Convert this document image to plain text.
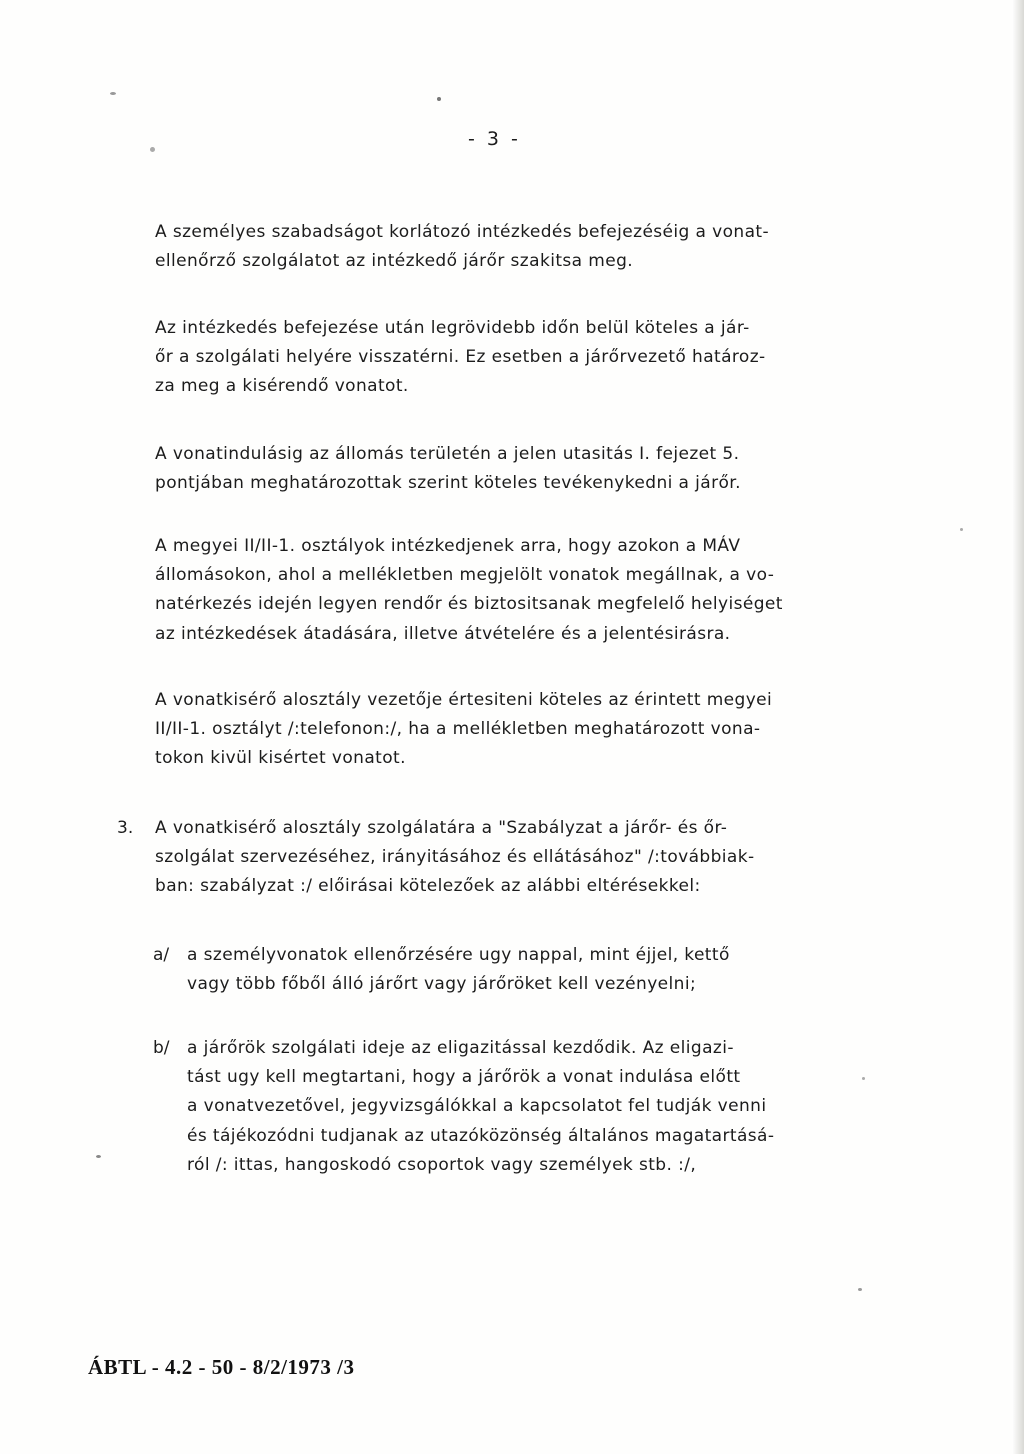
- 3 -
A személyes szabadságot korlátozó intézkedés befejezéséig a vonat-
ellenőrző szolgálatot az intézkedő járőr szakitsa meg.
Az intézkedés befejezése után legrövidebb időn belül köteles a jár-
őr a szolgálati helyére visszatérni. Ez esetben a járőrvezető határoz-
za meg a kisérendő vonatot.
A vonatindulásig az állomás területén a jelen utasitás I. fejezet 5.
pontjában meghatározottak szerint köteles tevékenykedni a járőr.
A megyei II/II-1. osztályok intézkedjenek arra, hogy azokon a MÁV
állomásokon, ahol a mellékletben megjelölt vonatok megállnak, a vo-
natérkezés idején legyen rendőr és biztositsanak megfelelő helyiséget
az intézkedések átadására, illetve átvételére és a jelentésirásra.
A vonatkisérő alosztály vezetője értesiteni köteles az érintett megyei
II/II-1. osztályt /:telefonon:/, ha a mellékletben meghatározott vona-
tokon kivül kisértet vonatot.
3. A vonatkisérő alosztály szolgálatára a "Szabályzat a járőr- és őr-
szolgálat szervezéséhez, irányitásához és ellátásához" /:továbbiak-
ban: szabályzat :/ előirásai kötelezőek az alábbi eltérésekkel:
a/ a személyvonatok ellenőrzésére ugy nappal, mint éjjel, kettő
vagy több főből álló járőrt vagy járőröket kell vezényelni;
b/ a járőrök szolgálati ideje az eligazitással kezdődik. Az eligazi-
tást ugy kell megtartani, hogy a járőrök a vonat indulása előtt
a vonatvezetővel, jegyvizsgálókkal a kapcsolatot fel tudják venni
és tájékozódni tudjanak az utazóközönség általános magatartásá-
ról /: ittas, hangoskodó csoportok vagy személyek stb. :/,
ÁBTL - 4.2 - 50 - 8/2/1973 /3
